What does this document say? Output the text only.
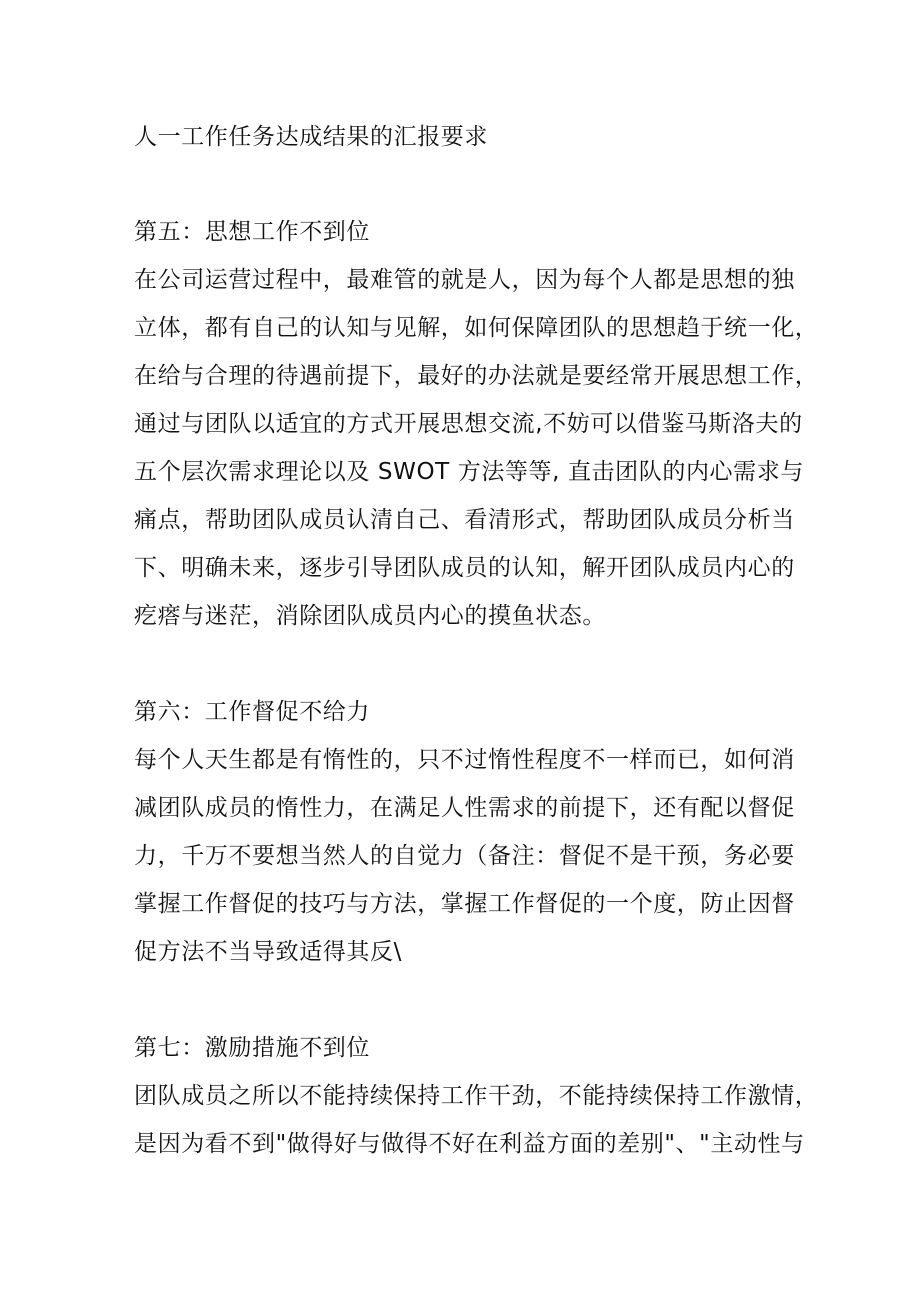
人一工作任务达成结果的汇报要求
第五：思想工作不到位
在公司运营过程中，最难管的就是人，因为每个人都是思想的独
立体，都有自己的认知与见解，如何保障团队的思想趋于统一化，
在给与合理的待遇前提下，最好的办法就是要经常开展思想工作，
通过与团队以适宜的方式开展思想交流,不妨可以借鉴马斯洛夫的
五个层次需求理论以及 SWOT 方法等等, 直击团队的内心需求与
痛点，帮助团队成员认清自己、看清形式，帮助团队成员分析当
下、明确未来，逐步引导团队成员的认知，解开团队成员内心的
疙瘩与迷茫，消除团队成员内心的摸鱼状态。
第六：工作督促不给力
每个人天生都是有惰性的，只不过惰性程度不一样而已，如何消
减团队成员的惰性力，在满足人性需求的前提下，还有配以督促
力，千万不要想当然人的自觉力（备注：督促不是干预，务必要
掌握工作督促的技巧与方法，掌握工作督促的一个度，防止因督
促方法不当导致适得其反\
第七：激励措施不到位
团队成员之所以不能持续保持工作干劲，不能持续保持工作激情，
是因为看不到"做得好与做得不好在利益方面的差别"、"主动性与
